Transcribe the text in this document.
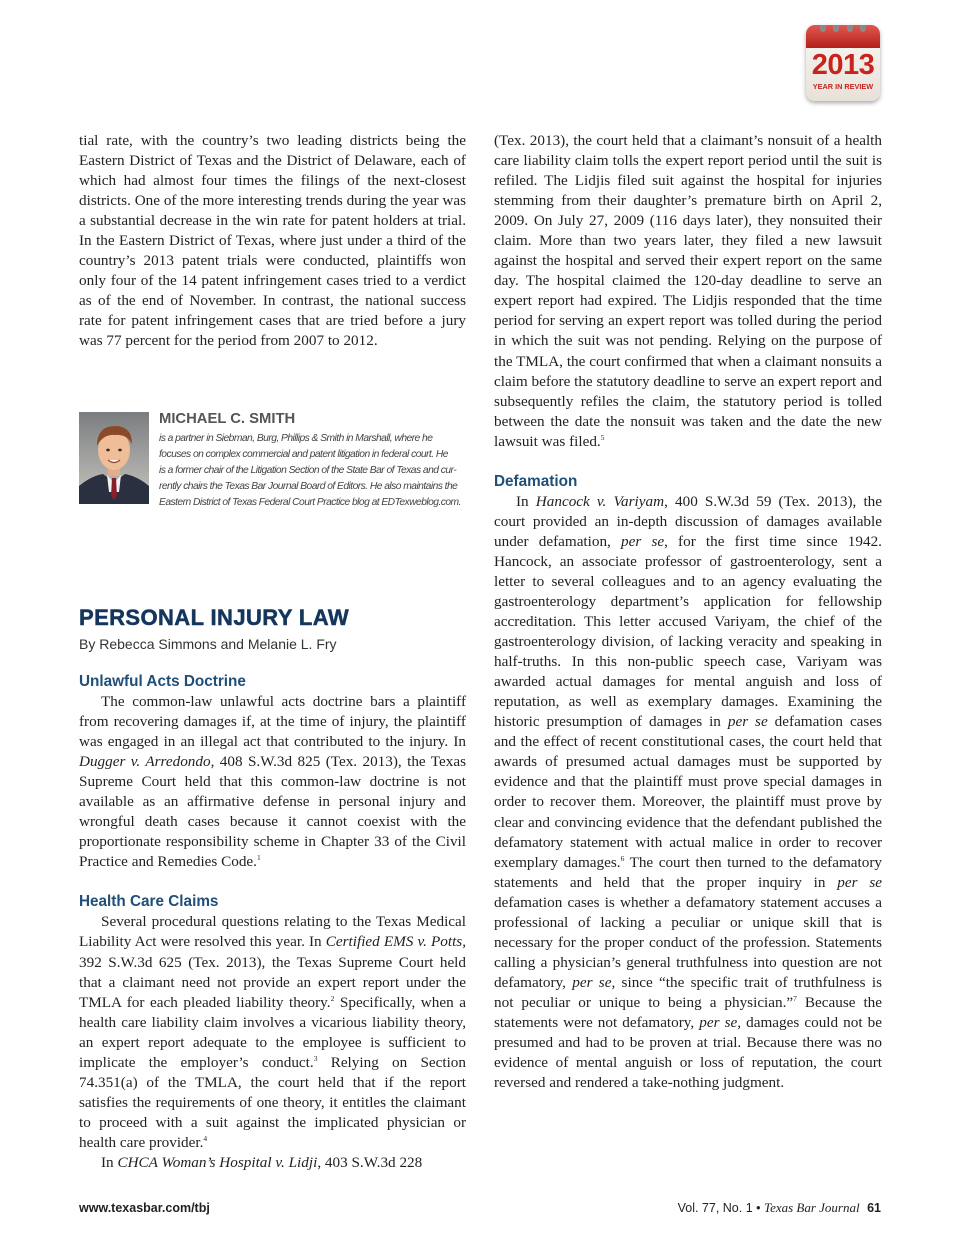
2013
YEAR IN REVIEW

tial rate, with the country’s two leading districts being the Eastern District of Texas and the District of Delaware, each of which had almost four times the filings of the next-closest districts. One of the more interesting trends during the year was a substantial decrease in the win rate for patent holders at trial. In the Eastern District of Texas, where just under a third of the country’s 2013 patent trials were conducted, plaintiffs won only four of the 14 patent infringement cases tried to a verdict as of the end of November. In contrast, the national success rate for patent infringement cases that are tried before a jury was 77 percent for the period from 2007 to 2012.

MICHAEL C. SMITH
is a partner in Siebman, Burg, Phillips & Smith in Marshall, where he
focuses on complex commercial and patent litigation in federal court. He
is a former chair of the Litigation Section of the State Bar of Texas and cur-
rently chairs the Texas Bar Journal Board of Editors. He also maintains the
Eastern District of Texas Federal Court Practice blog at EDTexweblog.com.
PERSONAL INJURY LAW
By Rebecca Simmons and Melanie L. Fry
Unlawful Acts Doctrine

The common-law unlawful acts doctrine bars a plaintiff from recovering damages if, at the time of injury, the plaintiff was engaged in an illegal act that contributed to the injury. In Dugger v. Arredondo, 408 S.W.3d 825 (Tex. 2013), the Texas Supreme Court held that this common-law doctrine is not available as an affirmative defense in personal injury and wrongful death cases because it cannot coexist with the proportionate responsibility scheme in Chapter 33 of the Civil Practice and Remedies Code.$^1$

Health Care Claims

Several procedural questions relating to the Texas Medical Liability Act were resolved this year. In Certified EMS v. Potts, 392 S.W.3d 625 (Tex. 2013), the Texas Supreme Court held that a claimant need not provide an expert report under the TMLA for each pleaded liability theory.$^2$ Specifically, when a health care liability claim involves a vicarious liability theory, an expert report adequate to the employee is sufficient to implicate the employer’s conduct.$^3$ Relying on Section 74.351(a) of the TMLA, the court held that if the report satisfies the requirements of one theory, it entitles the claimant to proceed with a suit against the implicated physician or health care provider.$^4$

In CHCA Woman’s Hospital v. Lidji, 403 S.W.3d 228

(Tex. 2013), the court held that a claimant’s nonsuit of a health care liability claim tolls the expert report period until the suit is refiled. The Lidjis filed suit against the hospital for injuries stemming from their daughter’s premature birth on April 2, 2009. On July 27, 2009 (116 days later), they nonsuited their claim. More than two years later, they filed a new lawsuit against the hospital and served their expert report on the same day. The hospital claimed the 120-day deadline to serve an expert report had expired. The Lidjis responded that the time period for serving an expert report was tolled during the period in which the suit was not pending. Relying on the purpose of the TMLA, the court confirmed that when a claimant nonsuits a claim before the statutory deadline to serve an expert report and subsequently refiles the claim, the statutory period is tolled between the date the nonsuit was taken and the date the new lawsuit was filed.$^5$

Defamation

In Hancock v. Variyam, 400 S.W.3d 59 (Tex. 2013), the court provided an in-depth discussion of damages available under defamation, per se, for the first time since 1942. Hancock, an associate professor of gastroenterology, sent a letter to several colleagues and to an agency evaluating the gastroenterology department’s application for fellowship accreditation. This letter accused Variyam, the chief of the gastroenterology division, of lacking veracity and speaking in half-truths. In this non-public speech case, Variyam was awarded actual damages for mental anguish and loss of reputation, as well as exemplary damages. Examining the historic presumption of damages in per se defamation cases and the effect of recent constitutional cases, the court held that awards of presumed actual damages must be supported by evidence and that the plaintiff must prove special damages in order to recover them. Moreover, the plaintiff must prove by clear and convincing evidence that the defendant published the defamatory statement with actual malice in order to recover exemplary damages.$^6$ The court then turned to the defamatory statements and held that the proper inquiry in per se defamation cases is whether a defamatory statement accuses a professional of lacking a peculiar or unique skill that is necessary for the proper conduct of the profession. Statements calling a physician’s general truthfulness into question are not defamatory, per se, since “the specific trait of truthfulness is not peculiar or unique to being a physician.”$^7$ Because the statements were not defamatory, per se, damages could not be presumed and had to be proven at trial. Because there was no evidence of mental anguish or loss of reputation, the court reversed and rendered a take-nothing judgment.

www.texasbar.com/tbj	Vol. 77, No. 1 • Texas Bar Journal 61
